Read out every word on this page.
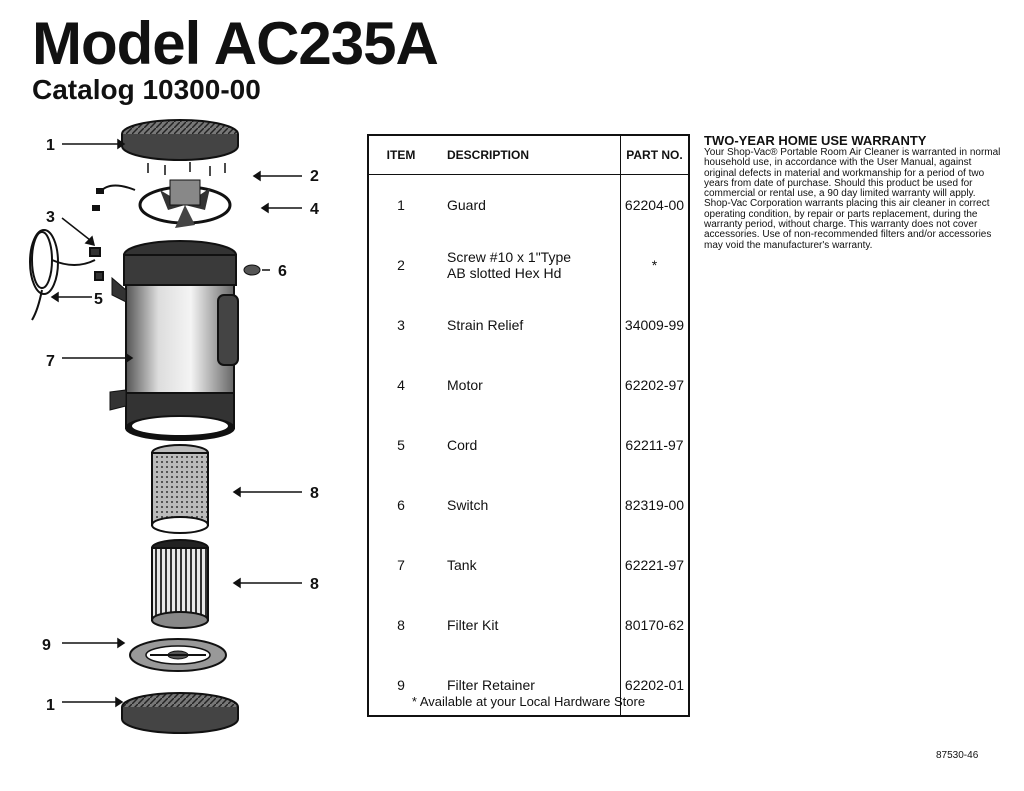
Model AC235A
Catalog 10300-00
1
2
3	4
5
6
7
8
8
9
1
ITEM	DESCRIPTION	PART NO.
1	Guard	62204-00
2	Screw #10 x 1"Type
AB slotted Hex Hd	*
3	Strain Relief	34009-99
4	Motor	62202-97
5	Cord	62211-97
6	Switch	82319-00
7	Tank	62221-97
8	Filter Kit	80170-62
9	Filter Retainer	62202-01
* Available at your Local Hardware Store
TWO-YEAR HOME USE WARRANTY
Your Shop-Vac® Portable Room Air Cleaner is warranted in normal household use, in accordance with the User Manual, against original defects in material and workmanship for a period of two years from date of purchase. Should this product be used for commercial or rental use, a 90 day limited warranty will apply. Shop-Vac Corporation warrants placing this air cleaner in correct operating condition, by repair or parts replacement, during the warranty period, without charge. This warranty does not cover accessories. Use of non-recommended filters and/or accessories may void the manufacturer's warranty.
87530-46
